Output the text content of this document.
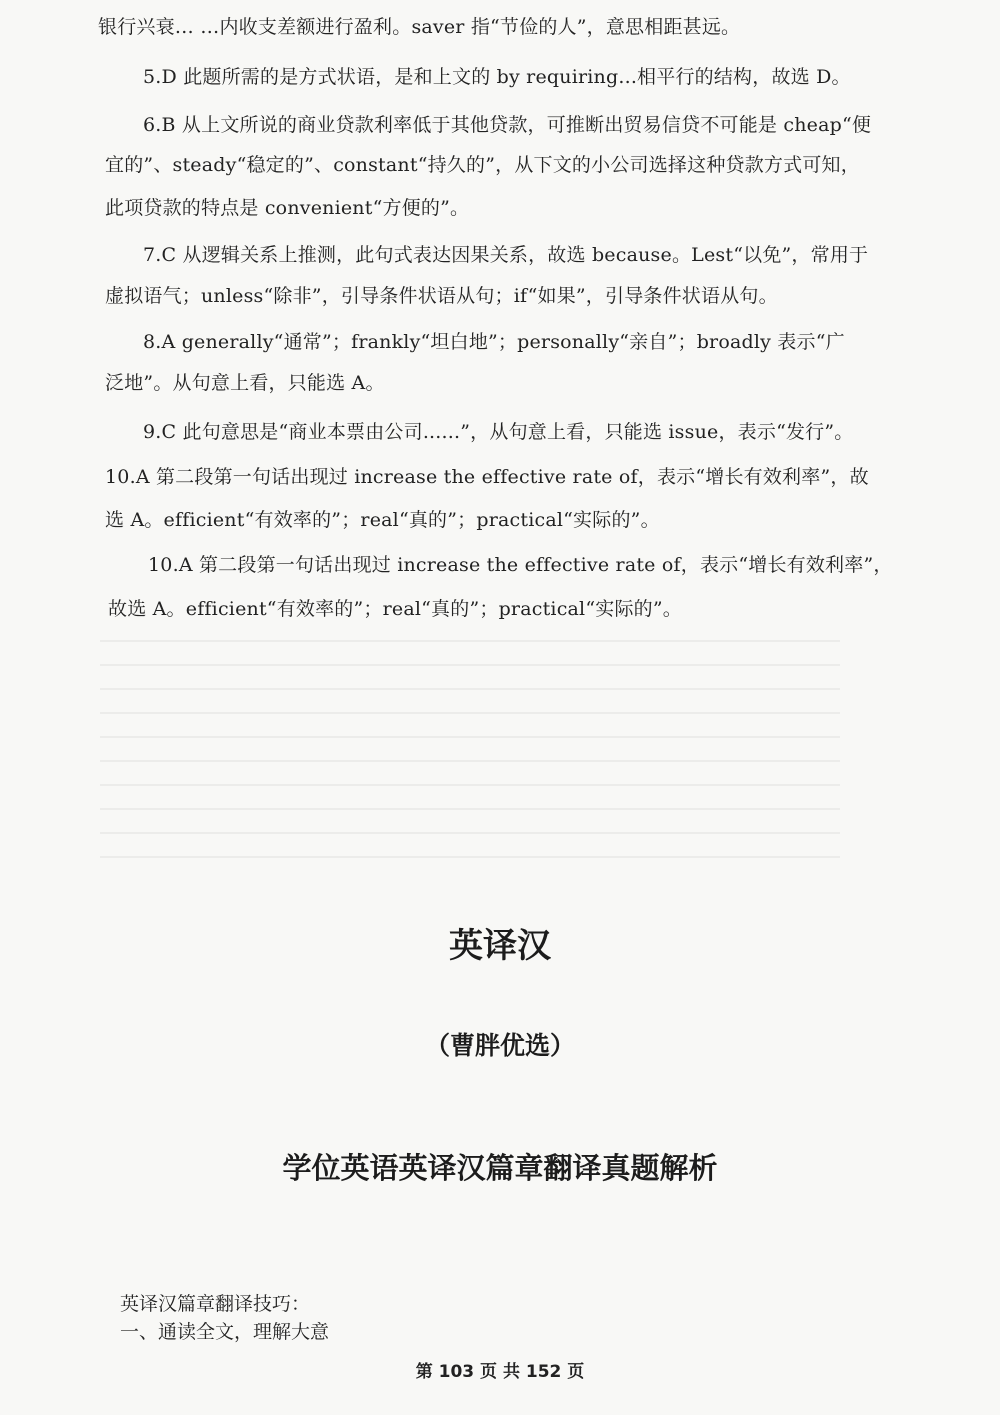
银行兴衰… …内收支差额进行盈利。saver 指“节俭的人”，意思相距甚远。
5.D 此题所需的是方式状语，是和上文的 by requiring...相平行的结构，故选 D。
6.B 从上文所说的商业贷款利率低于其他贷款，可推断出贸易信贷不可能是 cheap“便
宜的”、steady“稳定的”、constant“持久的”，从下文的小公司选择这种贷款方式可知，
此项贷款的特点是 convenient“方便的”。
7.C 从逻辑关系上推测，此句式表达因果关系，故选 because。Lest“以免”，常用于
虚拟语气；unless“除非”，引导条件状语从句；if“如果”，引导条件状语从句。
8.A generally“通常”；frankly“坦白地”；personally“亲自”；broadly 表示“广
泛地”。从句意上看，只能选 A。
9.C 此句意思是“商业本票由公司......”，从句意上看，只能选 issue，表示“发行”。
10.A 第二段第一句话出现过 increase the effective rate of，表示“增长有效利率”，故
选 A。efficient“有效率的”；real“真的”；practical“实际的”。
10.A 第二段第一句话出现过 increase the effective rate of，表示“增长有效利率”，
故选 A。efficient“有效率的”；real“真的”；practical“实际的”。
英译汉
（曹胖优选）
学位英语英译汉篇章翻译真题解析
英译汉篇章翻译技巧：
一、通读全文，理解大意
第 103 页 共 152 页
